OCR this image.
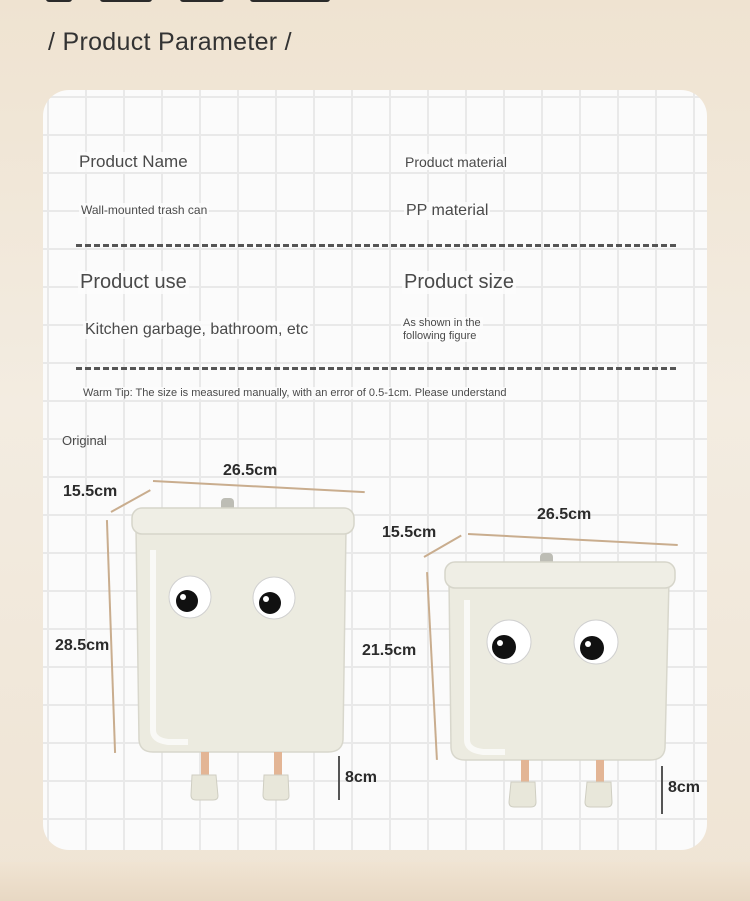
/ Product Parameter /
Product Name
Wall-mounted trash can
Product material
PP material
Product use
Kitchen garbage, bathroom, etc
Product size
As shown in the
following figure
Warm Tip: The size is measured manually, with an error of 0.5-1cm. Please understand
Original
26.5cm
15.5cm
28.5cm
8cm
26.5cm
15.5cm
21.5cm
8cm
